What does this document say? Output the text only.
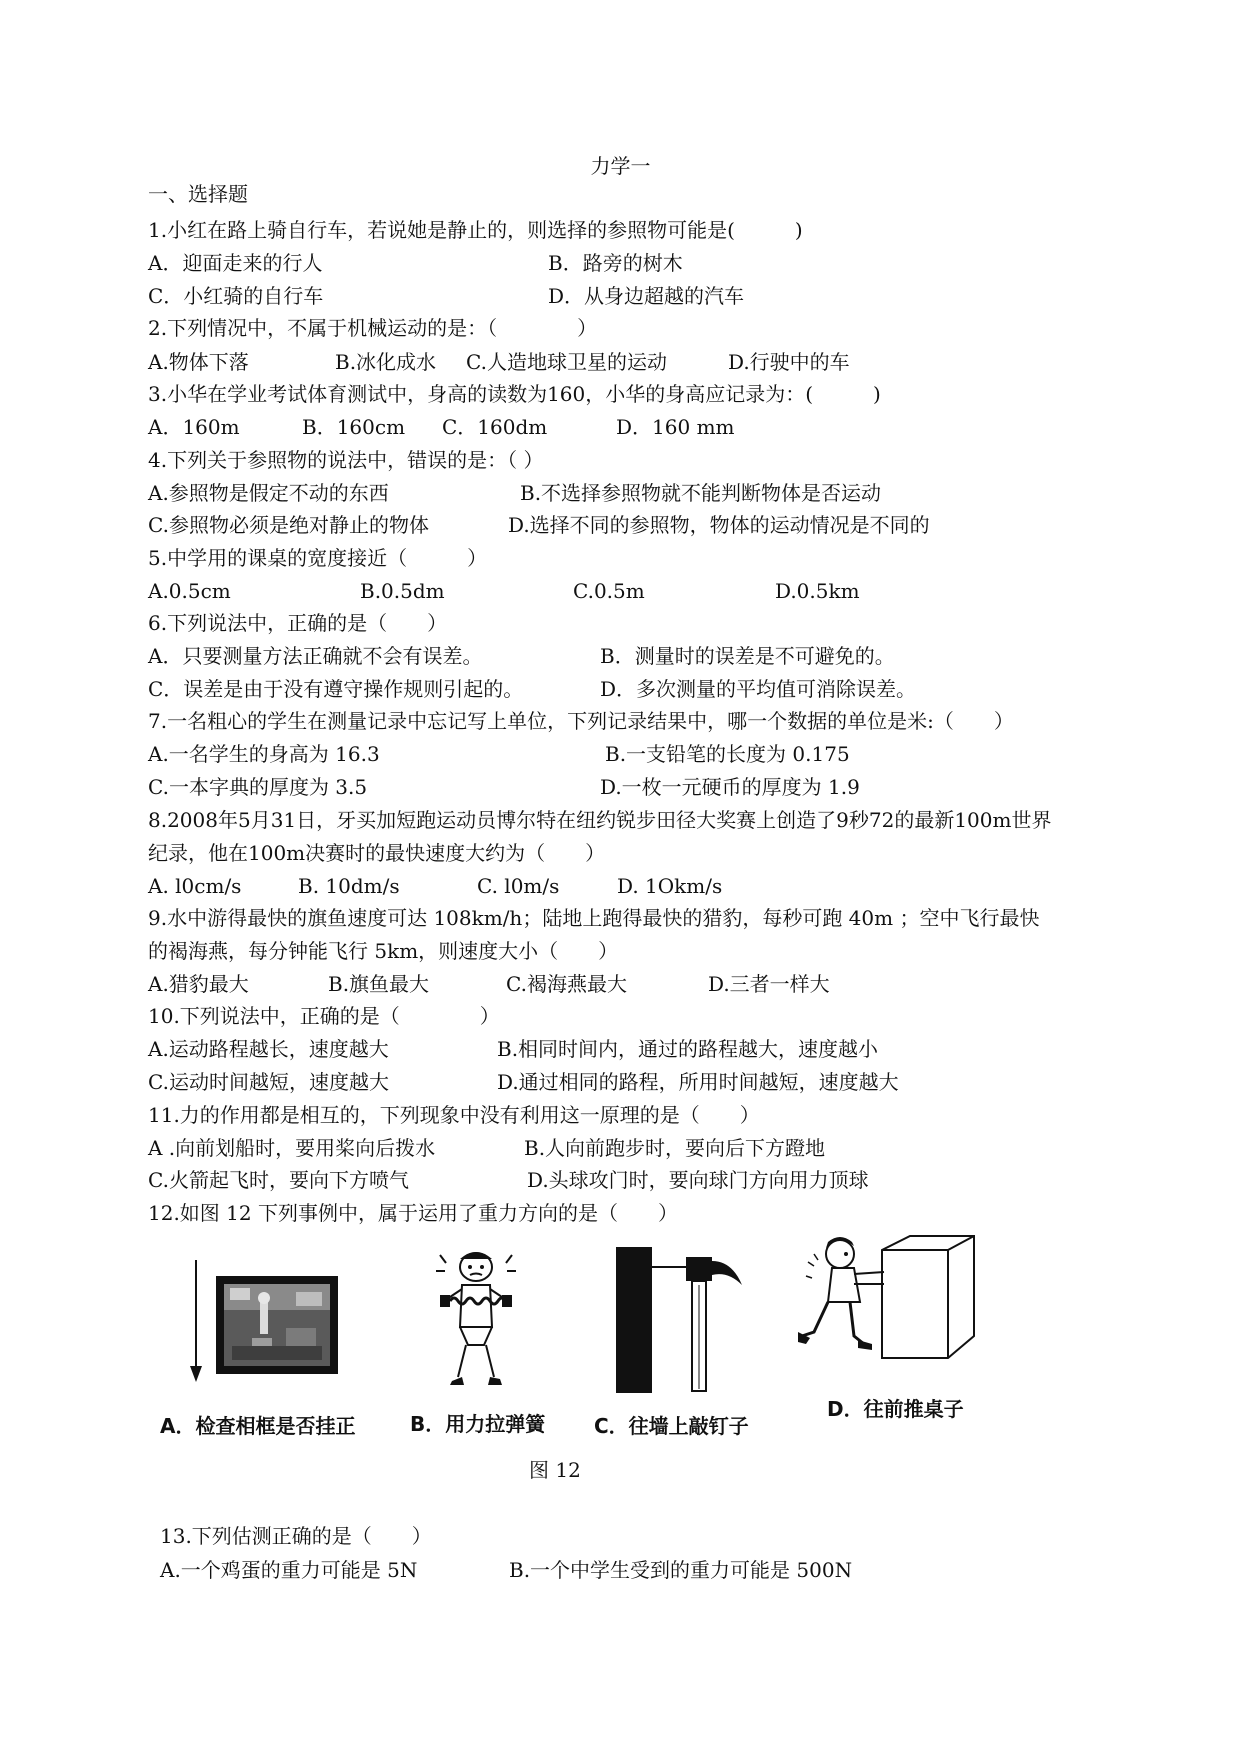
力学一
一、选择题
1.小红在路上骑自行车，若说她是静止的，则选择的参照物可能是(　　　)
A．迎面走来的行人	B．路旁的树木
C．小红骑的自行车	D．从身边超越的汽车
2.下列情况中，不属于机械运动的是：（　　　　）
A.物体下落	B.冰化成水 C.人造地球卫星的运动	D.行驶中的车
3.小华在学业考试体育测试中，身高的读数为160，小华的身高应记录为：(　　　)
A．160m	B．160cm C．160dm	D．160 mm
4.下列关于参照物的说法中，错误的是：（ ）
A.参照物是假定不动的东西	B.不选择参照物就不能判断物体是否运动
C.参照物必须是绝对静止的物体	D.选择不同的参照物，物体的运动情况是不同的
5.中学用的课桌的宽度接近（　　　）
A.0.5cm	B.0.5dm	C.0.5m	D.0.5km
6.下列说法中，正确的是（　　）
A．只要测量方法正确就不会有误差。	B．测量时的误差是不可避免的。
C．误差是由于没有遵守操作规则引起的。	D．多次测量的平均值可消除误差。
7.一名粗心的学生在测量记录中忘记写上单位，下列记录结果中，哪一个数据的单位是米:（　　）
A.一名学生的身高为 16.3	B.一支铅笔的长度为 0.175
C.一本字典的厚度为 3.5	D.一枚一元硬币的厚度为 1.9
8.2008年5月31日，牙买加短跑运动员博尔特在纽约锐步田径大奖赛上创造了9秒72的最新100m世界
纪录，他在100m决赛时的最快速度大约为（　　）
A. l0cm/s	B. 10dm/s	C. l0m/s	D. 1Okm/s
9.水中游得最快的旗鱼速度可达 108km/h；陆地上跑得最快的猎豹，每秒可跑 40m ；空中飞行最快
的褐海燕，每分钟能飞行 5km，则速度大小（　　）
A.猎豹最大	B.旗鱼最大	C.褐海燕最大	D.三者一样大
10.下列说法中，正确的是（　　　　）
A.运动路程越长，速度越大	B.相同时间内，通过的路程越大，速度越小
C.运动时间越短，速度越大	D.通过相同的路程，所用时间越短，速度越大
11.力的作用都是相互的，下列现象中没有利用这一原理的是（　　）
A .向前划船时，要用桨向后拨水	B.人向前跑步时，要向后下方蹬地
C.火箭起飞时，要向下方喷气	D.头球攻门时，要向球门方向用力顶球
12.如图 12 下列事例中，属于运用了重力方向的是（　　）
A．检查相框是否挂正	B．用力拉弹簧 C．往墙上敲钉子
D．往前推桌子
图 12
13.下列估测正确的是（　　）
A.一个鸡蛋的重力可能是 5N	B.一个中学生受到的重力可能是 500N
